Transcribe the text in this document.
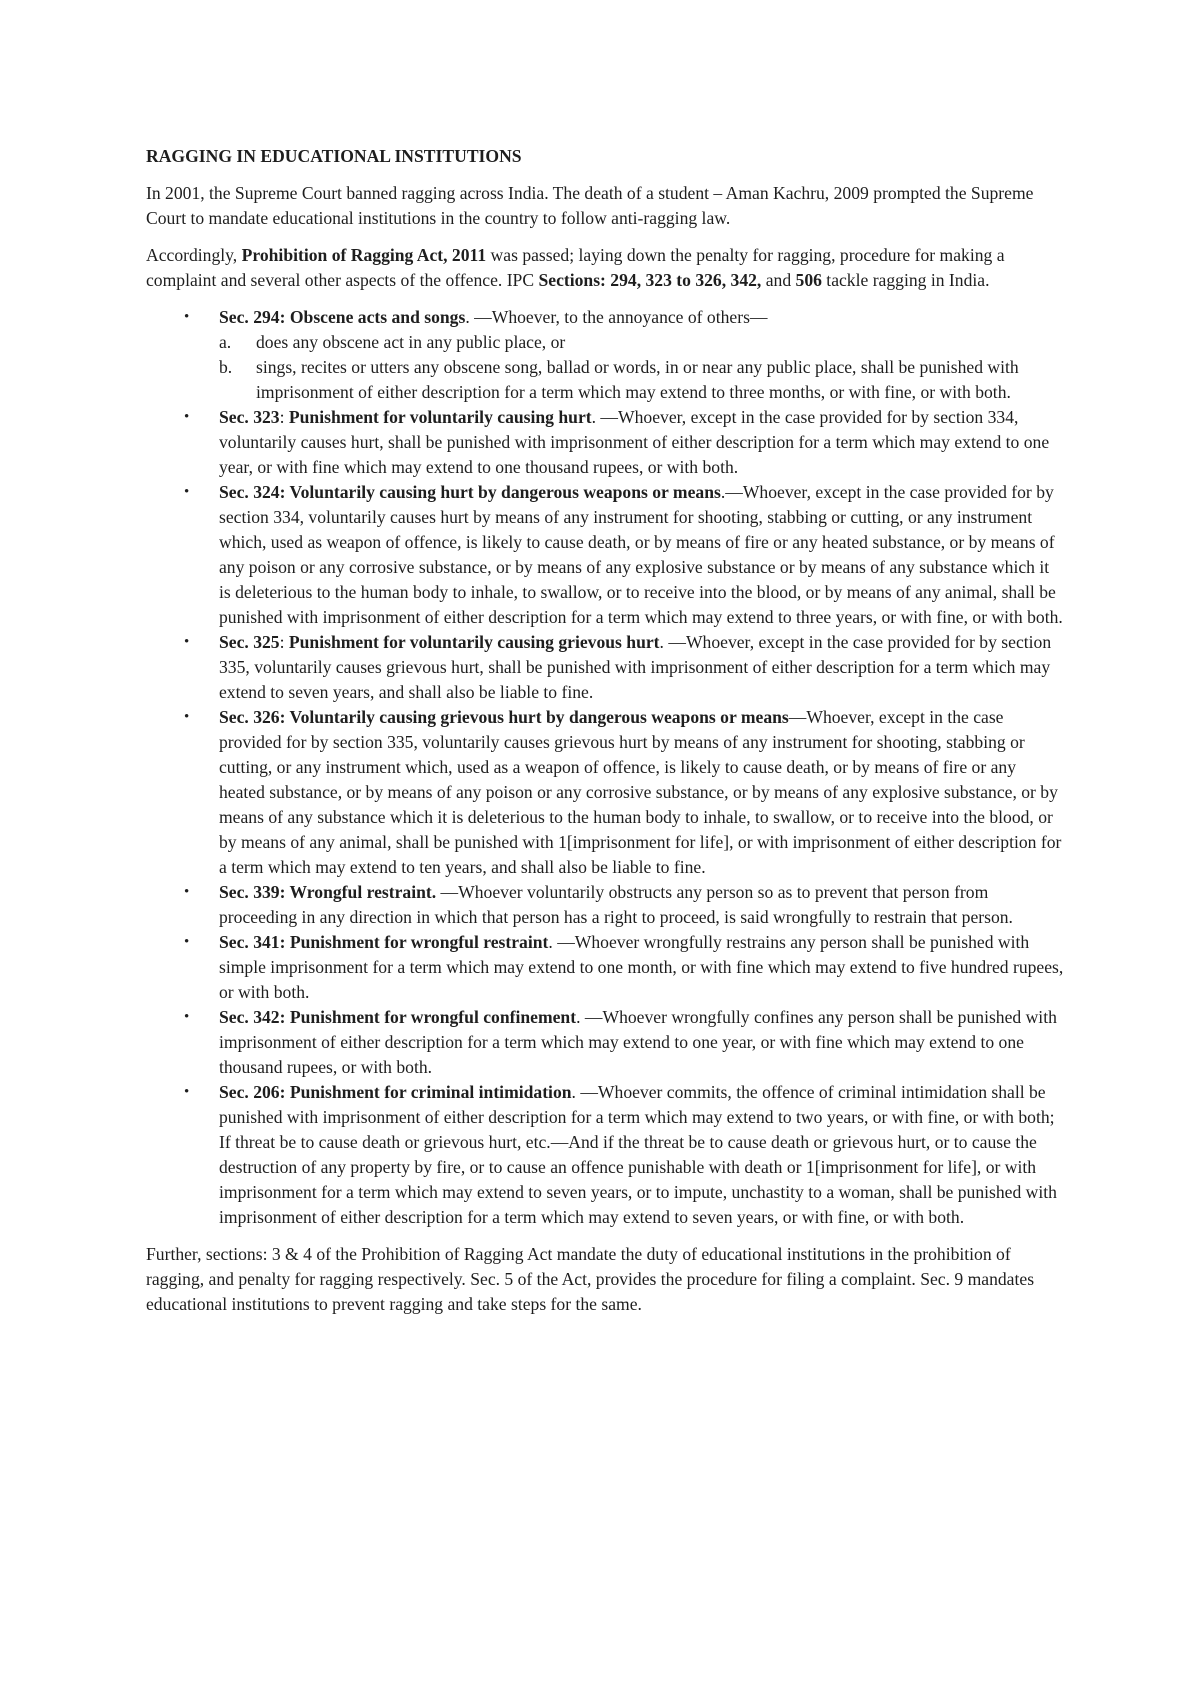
RAGGING IN EDUCATIONAL INSTITUTIONS

In 2001, the Supreme Court banned ragging across India. The death of a student – Aman Kachru, 2009 prompted the Supreme Court to mandate educational institutions in the country to follow anti-ragging law.

Accordingly, Prohibition of Ragging Act, 2011 was passed; laying down the penalty for ragging, procedure for making a complaint and several other aspects of the offence. IPC Sections: 294, 323 to 326, 342, and 506 tackle ragging in India.

• Sec. 294: Obscene acts and songs. —Whoever, to the annoyance of others—
a. does any obscene act in any public place, or
b. sings, recites or utters any obscene song, ballad or words, in or near any public place, shall be punished with imprisonment of either description for a term which may extend to three months, or with fine, or with both.
• Sec. 323: Punishment for voluntarily causing hurt. —Whoever, except in the case provided for by section 334, voluntarily causes hurt, shall be punished with imprisonment of either description for a term which may extend to one year, or with fine which may extend to one thousand rupees, or with both.
• Sec. 324: Voluntarily causing hurt by dangerous weapons or means.—Whoever, except in the case provided for by section 334, voluntarily causes hurt by means of any instrument for shooting, stabbing or cutting, or any instrument which, used as weapon of offence, is likely to cause death, or by means of fire or any heated substance, or by means of any poison or any corrosive substance, or by means of any explosive substance or by means of any substance which it is deleterious to the human body to inhale, to swallow, or to receive into the blood, or by means of any animal, shall be punished with imprisonment of either description for a term which may extend to three years, or with fine, or with both.
• Sec. 325: Punishment for voluntarily causing grievous hurt. —Whoever, except in the case provided for by section 335, voluntarily causes grievous hurt, shall be punished with imprisonment of either description for a term which may extend to seven years, and shall also be liable to fine.
• Sec. 326: Voluntarily causing grievous hurt by dangerous weapons or means—Whoever, except in the case provided for by section 335, voluntarily causes grievous hurt by means of any instrument for shooting, stabbing or cutting, or any instrument which, used as a weapon of offence, is likely to cause death, or by means of fire or any heated substance, or by means of any poison or any corrosive substance, or by means of any explosive substance, or by means of any substance which it is deleterious to the human body to inhale, to swallow, or to receive into the blood, or by means of any animal, shall be punished with 1[imprisonment for life], or with imprisonment of either description for a term which may extend to ten years, and shall also be liable to fine.
• Sec. 339: Wrongful restraint. —Whoever voluntarily obstructs any person so as to prevent that person from proceeding in any direction in which that person has a right to proceed, is said wrongfully to restrain that person.
• Sec. 341: Punishment for wrongful restraint. —Whoever wrongfully restrains any person shall be punished with simple imprisonment for a term which may extend to one month, or with fine which may extend to five hundred rupees, or with both.
• Sec. 342: Punishment for wrongful confinement. —Whoever wrongfully confines any person shall be punished with imprisonment of either description for a term which may extend to one year, or with fine which may extend to one thousand rupees, or with both.
• Sec. 206: Punishment for criminal intimidation. —Whoever commits, the offence of criminal intimidation shall be punished with imprisonment of either description for a term which may extend to two years, or with fine, or with both; If threat be to cause death or grievous hurt, etc.—And if the threat be to cause death or grievous hurt, or to cause the destruction of any property by fire, or to cause an offence punishable with death or 1[imprisonment for life], or with imprisonment for a term which may extend to seven years, or to impute, unchastity to a woman, shall be punished with imprisonment of either description for a term which may extend to seven years, or with fine, or with both.

Further, sections: 3 & 4 of the Prohibition of Ragging Act mandate the duty of educational institutions in the prohibition of ragging, and penalty for ragging respectively. Sec. 5 of the Act, provides the procedure for filing a complaint. Sec. 9 mandates educational institutions to prevent ragging and take steps for the same.
